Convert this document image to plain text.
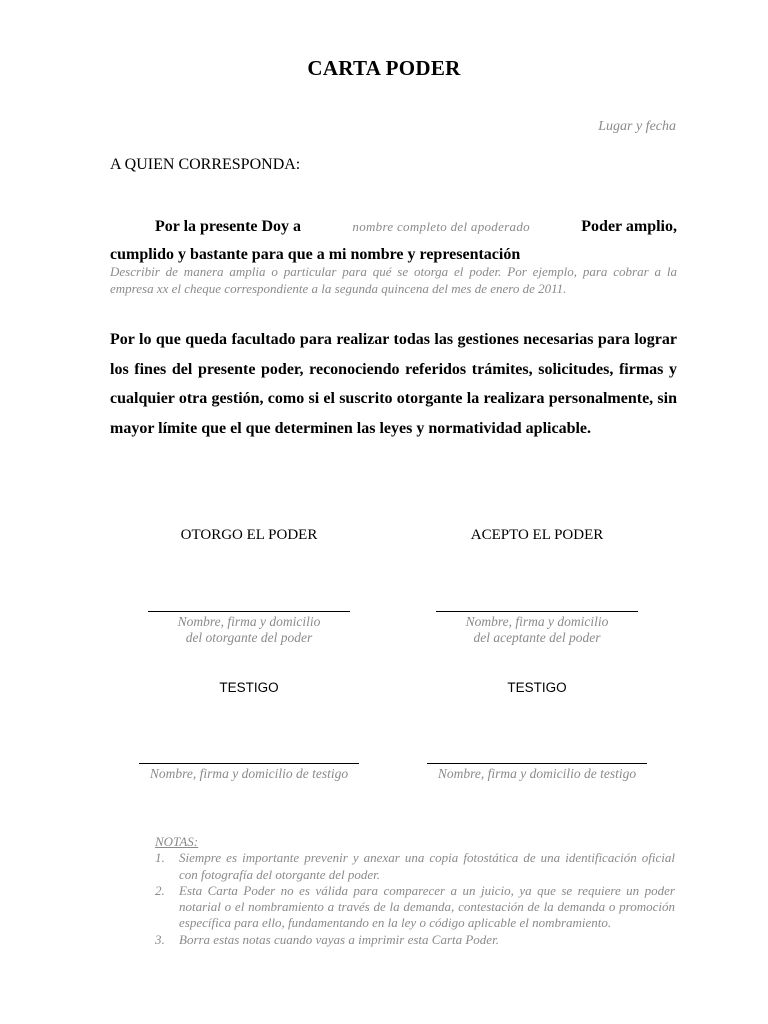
CARTA PODER
Lugar y fecha
A QUIEN CORRESPONDA:
Por la presente Doy a	nombre completo del apoderado	Poder amplio,
cumplido y bastante para que a mi nombre y representación
Describir de manera amplia o particular para qué se otorga el poder. Por ejemplo, para cobrar a la empresa xx el cheque correspondiente a la segunda quincena del mes de enero de 2011.
Por lo que queda facultado para realizar todas las gestiones necesarias para lograr los fines del presente poder, reconociendo referidos trámites, solicitudes, firmas y cualquier otra gestión, como si el suscrito otorgante la realizara personalmente, sin mayor límite que el que determinen las leyes y normatividad aplicable.
OTORGO EL PODER
Nombre, firma y domicilio
del otorgante del poder
ACEPTO EL PODER
Nombre, firma y domicilio
del aceptante del poder
TESTIGO
Nombre, firma y domicilio de testigo
TESTIGO
Nombre, firma y domicilio de testigo
NOTAS:
1.	Siempre es importante prevenir y anexar una copia fotostática de una identificación oficial con fotografía del otorgante del poder.
2.	Esta Carta Poder no es válida para comparecer a un juicio, ya que se requiere un poder notarial o el nombramiento a través de la demanda, contestación de la demanda o promoción específica para ello, fundamentando en la ley o código aplicable el nombramiento.
3.	Borra estas notas cuando vayas a imprimir esta Carta Poder.
